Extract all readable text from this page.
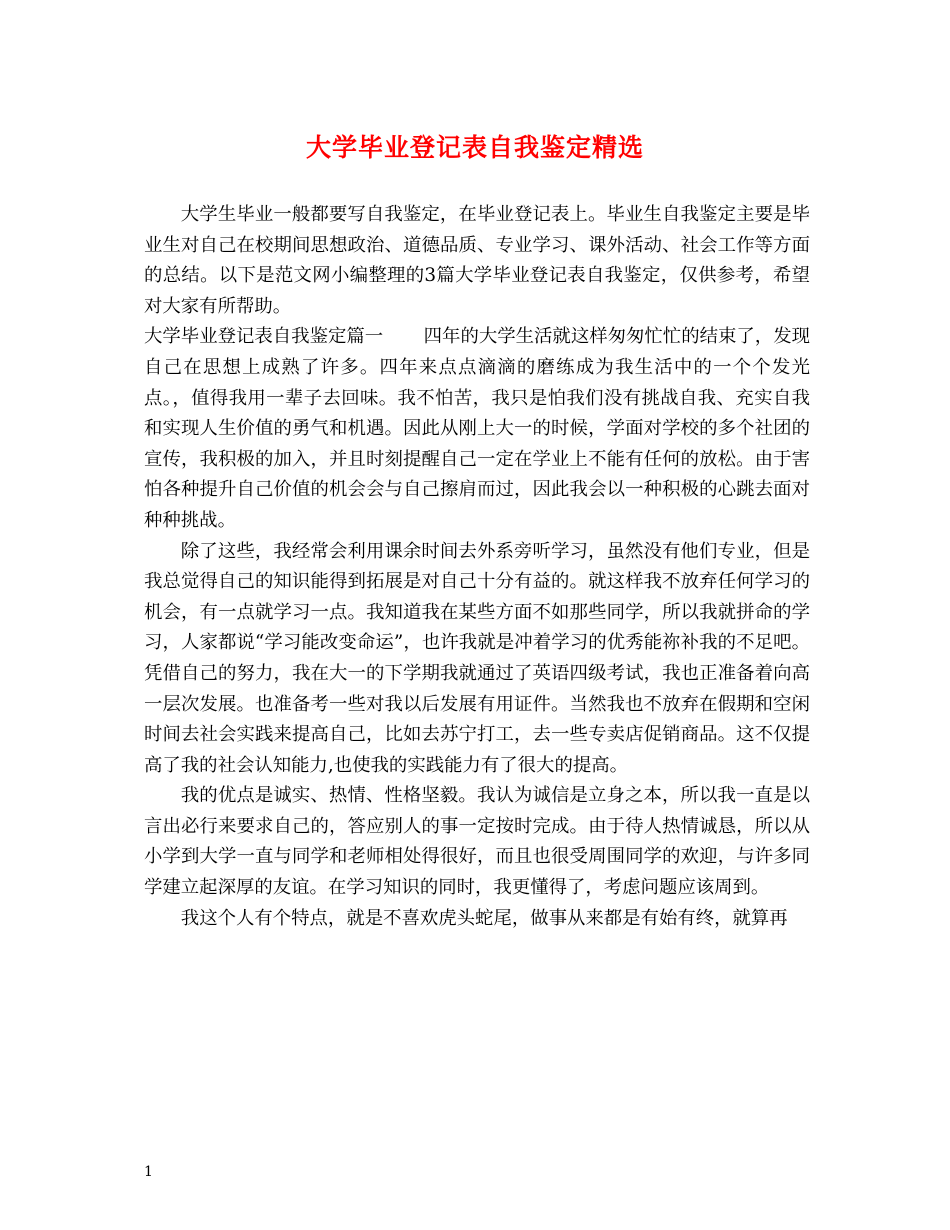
大学毕业登记表自我鉴定精选

大学生毕业一般都要写自我鉴定，在毕业登记表上。毕业生自我鉴定主要是毕业生对自己在校期间思想政治、道德品质、专业学习、课外活动、社会工作等方面的总结。以下是范文网小编整理的3篇大学毕业登记表自我鉴定，仅供参考，希望对大家有所帮助。

大学毕业登记表自我鉴定篇一 四年的大学生活就这样匆匆忙忙的结束了，发现自己在思想上成熟了许多。四年来点点滴滴的磨练成为我生活中的一个个发光点。，值得我用一辈子去回味。我不怕苦，我只是怕我们没有挑战自我、充实自我和实现人生价值的勇气和机遇。因此从刚上大一的时候，学面对学校的多个社团的宣传，我积极的加入，并且时刻提醒自己一定在学业上不能有任何的放松。由于害怕各种提升自己价值的机会会与自己擦肩而过，因此我会以一种积极的心跳去面对种种挑战。

除了这些，我经常会利用课余时间去外系旁听学习，虽然没有他们专业，但是我总觉得自己的知识能得到拓展是对自己十分有益的。就这样我不放弃任何学习的机会，有一点就学习一点。我知道我在某些方面不如那些同学，所以我就拼命的学习，人家都说“学习能改变命运”，也许我就是冲着学习的优秀能祢补我的不足吧。凭借自己的努力，我在大一的下学期我就通过了英语四级考试，我也正准备着向高一层次发展。也准备考一些对我以后发展有用证件。当然我也不放弃在假期和空闲时间去社会实践来提高自己，比如去苏宁打工，去一些专卖店促销商品。这不仅提高了我的社会认知能力,也使我的实践能力有了很大的提高。

我的优点是诚实、热情、性格坚毅。我认为诚信是立身之本，所以我一直是以言出必行来要求自己的，答应别人的事一定按时完成。由于待人热情诚恳，所以从小学到大学一直与同学和老师相处得很好，而且也很受周围同学的欢迎，与许多同学建立起深厚的友谊。在学习知识的同时，我更懂得了，考虑问题应该周到。

我这个人有个特点，就是不喜欢虎头蛇尾，做事从来都是有始有终，就算再

1
